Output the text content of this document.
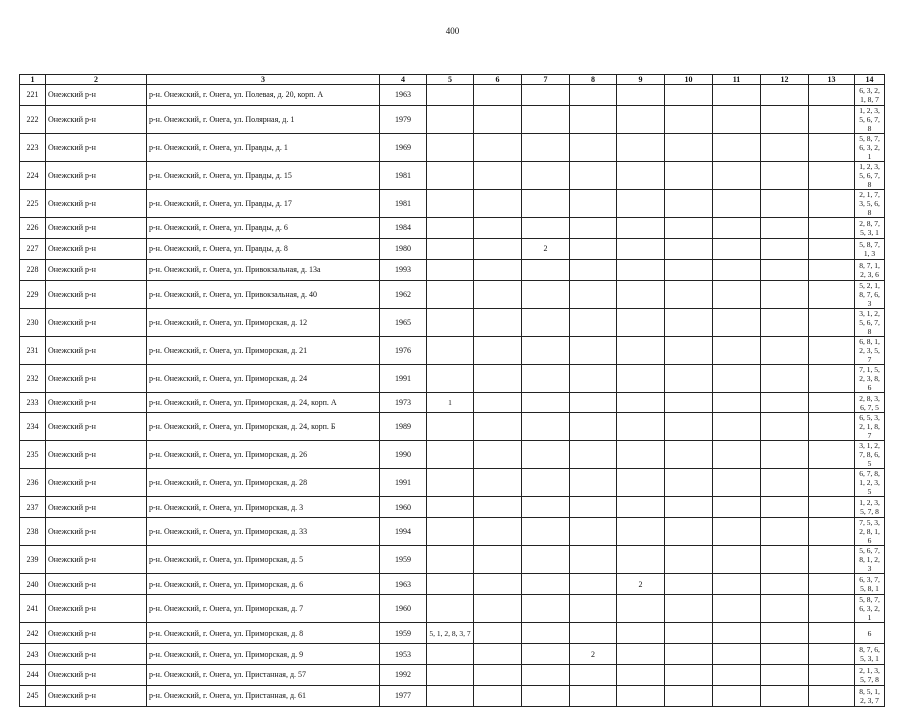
400
1	2	3	4	5	6	7	8	9	10	11	12	13	14
221	Онежский р-н	р-н. Онежский, г. Онега, ул. Полевая, д. 20, корп. А	1963										6, 3, 2, 1, 8, 7
222	Онежский р-н	р-н. Онежский, г. Онега, ул. Полярная, д. 1	1979										1, 2, 3, 5, 6, 7, 8
223	Онежский р-н	р-н. Онежский, г. Онега, ул. Правды, д. 1	1969										5, 8, 7, 6, 3, 2, 1
224	Онежский р-н	р-н. Онежский, г. Онега, ул. Правды, д. 15	1981										1, 2, 3, 5, 6, 7, 8
225	Онежский р-н	р-н. Онежский, г. Онега, ул. Правды, д. 17	1981										2, 1, 7, 3, 5, 6, 8
226	Онежский р-н	р-н. Онежский, г. Онега, ул. Правды, д. 6	1984										2, 8, 7, 5, 3, 1
227	Онежский р-н	р-н. Онежский, г. Онега, ул. Правды, д. 8	1980			2							5, 8, 7, 1, 3
228	Онежский р-н	р-н. Онежский, г. Онега, ул. Привокзальная, д. 13а	1993										8, 7, 1, 2, 3, 6
229	Онежский р-н	р-н. Онежский, г. Онега, ул. Привокзальная, д. 40	1962										5, 2, 1, 8, 7, 6, 3
230	Онежский р-н	р-н. Онежский, г. Онега, ул. Приморская, д. 12	1965										3, 1, 2, 5, 6, 7, 8
231	Онежский р-н	р-н. Онежский, г. Онега, ул. Приморская, д. 21	1976										6, 8, 1, 2, 3, 5, 7
232	Онежский р-н	р-н. Онежский, г. Онега, ул. Приморская, д. 24	1991										7, 1, 5, 2, 3, 8, 6
233	Онежский р-н	р-н. Онежский, г. Онега, ул. Приморская, д. 24, корп. А	1973	1									2, 8, 3, 6, 7, 5
234	Онежский р-н	р-н. Онежский, г. Онега, ул. Приморская, д. 24, корп. Б	1989										6, 5, 3, 2, 1, 8, 7
235	Онежский р-н	р-н. Онежский, г. Онега, ул. Приморская, д. 26	1990										3, 1, 2, 7, 8, 6, 5
236	Онежский р-н	р-н. Онежский, г. Онега, ул. Приморская, д. 28	1991										6, 7, 8, 1, 2, 3, 5
237	Онежский р-н	р-н. Онежский, г. Онега, ул. Приморская, д. 3	1960										1, 2, 3, 5, 7, 8
238	Онежский р-н	р-н. Онежский, г. Онега, ул. Приморская, д. 33	1994										7, 5, 3, 2, 8, 1, 6
239	Онежский р-н	р-н. Онежский, г. Онега, ул. Приморская, д. 5	1959										5, 6, 7, 8, 1, 2, 3
240	Онежский р-н	р-н. Онежский, г. Онега, ул. Приморская, д. 6	1963					2					6, 3, 7, 5, 8, 1
241	Онежский р-н	р-н. Онежский, г. Онега, ул. Приморская, д. 7	1960										5, 8, 7, 6, 3, 2, 1
242	Онежский р-н	р-н. Онежский, г. Онега, ул. Приморская, д. 8	1959	5, 1, 2, 8, 3, 7									6
243	Онежский р-н	р-н. Онежский, г. Онега, ул. Приморская, д. 9	1953				2						8, 7, 6, 5, 3, 1
244	Онежский р-н	р-н. Онежский, г. Онега, ул. Пристанная, д. 57	1992										2, 1, 3, 5, 7, 8
245	Онежский р-н	р-н. Онежский, г. Онега, ул. Пристанная, д. 61	1977										8, 5, 1, 2, 3, 7
